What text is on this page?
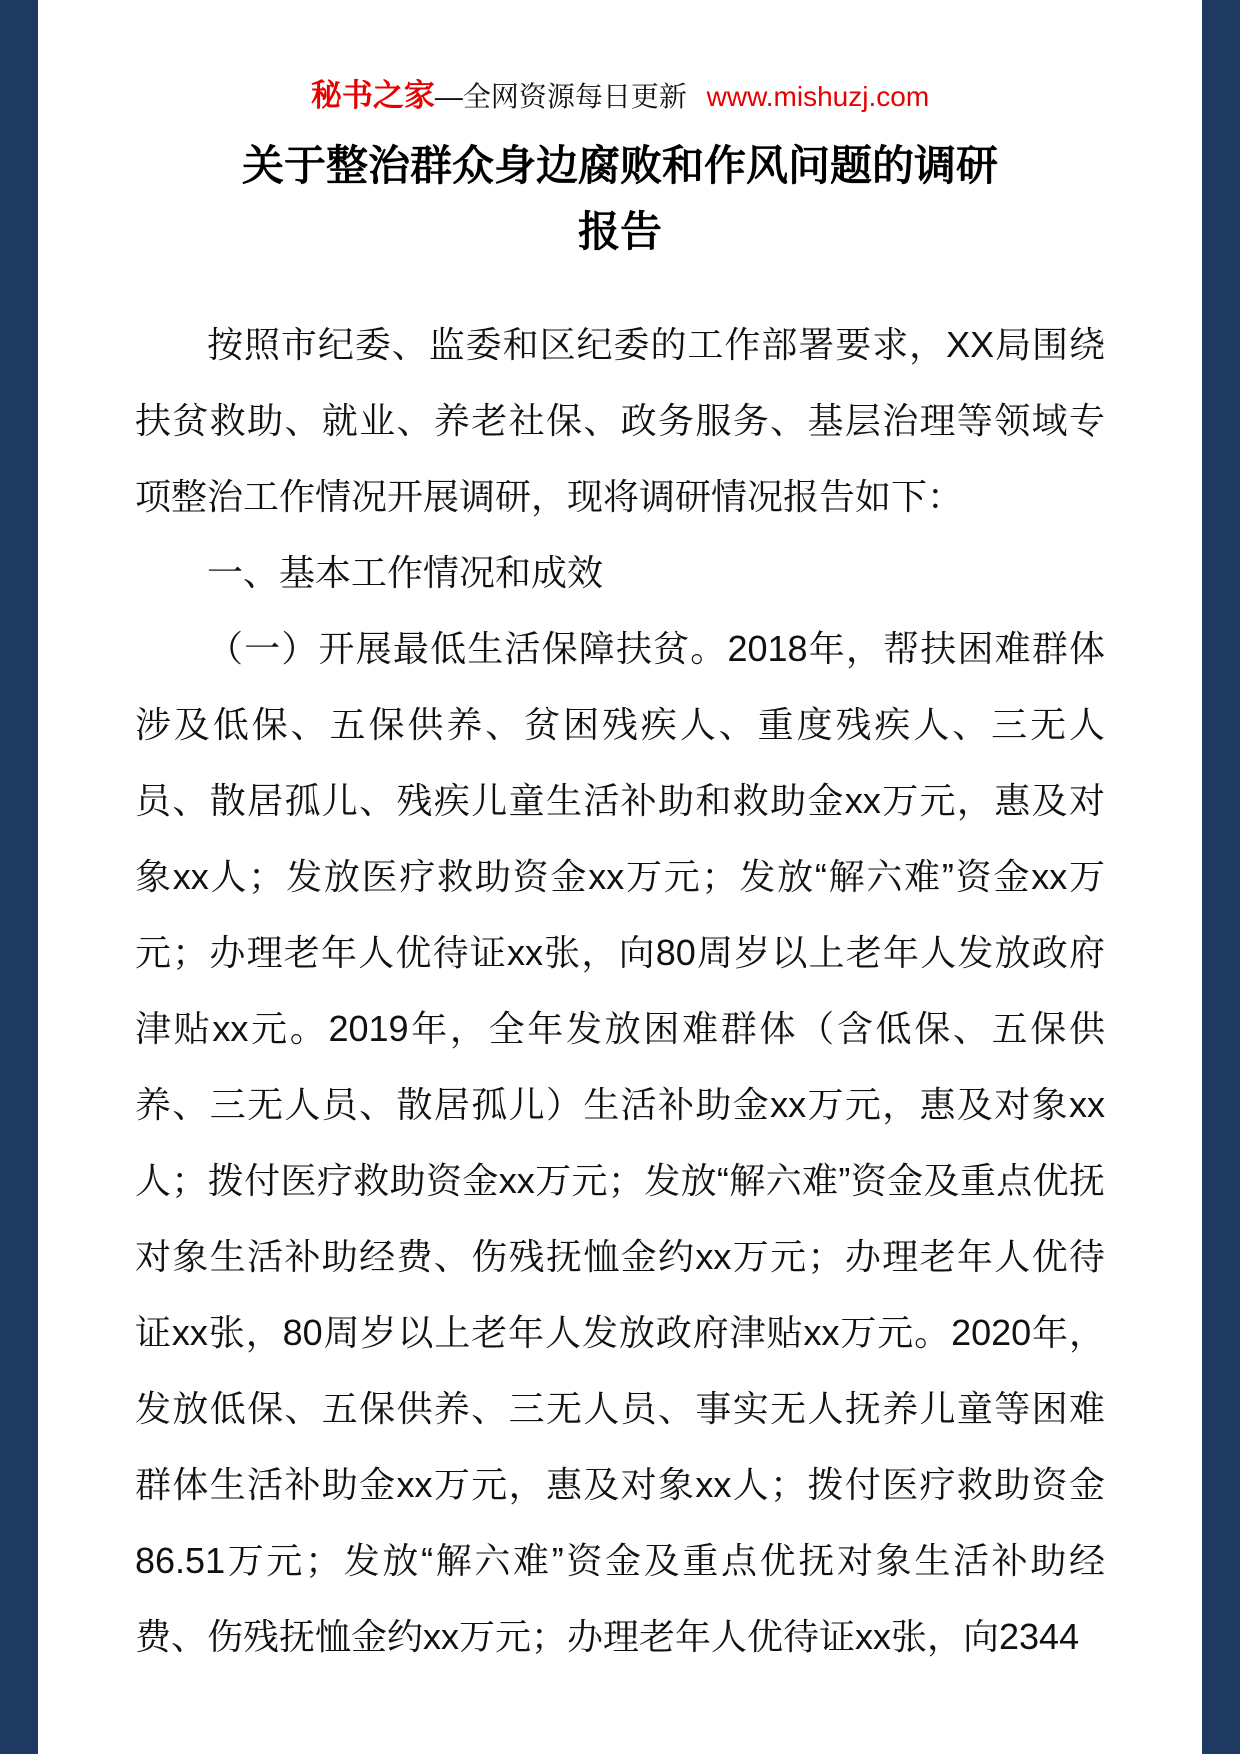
秘书之家—全网资源每日更新 www.mishuzj.com
关于整治群众身边腐败和作风问题的调研报告

按照市纪委、监委和区纪委的工作部署要求，XX局围绕扶贫救助、就业、养老社保、政务服务、基层治理等领域专项整治工作情况开展调研，现将调研情况报告如下：

一、基本工作情况和成效

（一）开展最低生活保障扶贫。2018年，帮扶困难群体涉及低保、五保供养、贫困残疾人、重度残疾人、三无人员、散居孤儿、残疾儿童生活补助和救助金xx万元，惠及对象xx人；发放医疗救助资金xx万元；发放“解六难”资金xx万元；办理老年人优待证xx张，向80周岁以上老年人发放政府津贴xx元。2019年，全年发放困难群体（含低保、五保供养、三无人员、散居孤儿）生活补助金xx万元，惠及对象xx人；拨付医疗救助资金xx万元；发放“解六难”资金及重点优抚对象生活补助经费、伤残抚恤金约xx万元；办理老年人优待证xx张，80周岁以上老年人发放政府津贴xx万元。2020年，发放低保、五保供养、三无人员、事实无人抚养儿童等困难群体生活补助金xx万元，惠及对象xx人；拨付医疗救助资金86.51万元；发放“解六难”资金及重点优抚对象生活补助经费、伤残抚恤金约xx万元；办理老年人优待证xx张，向2344
